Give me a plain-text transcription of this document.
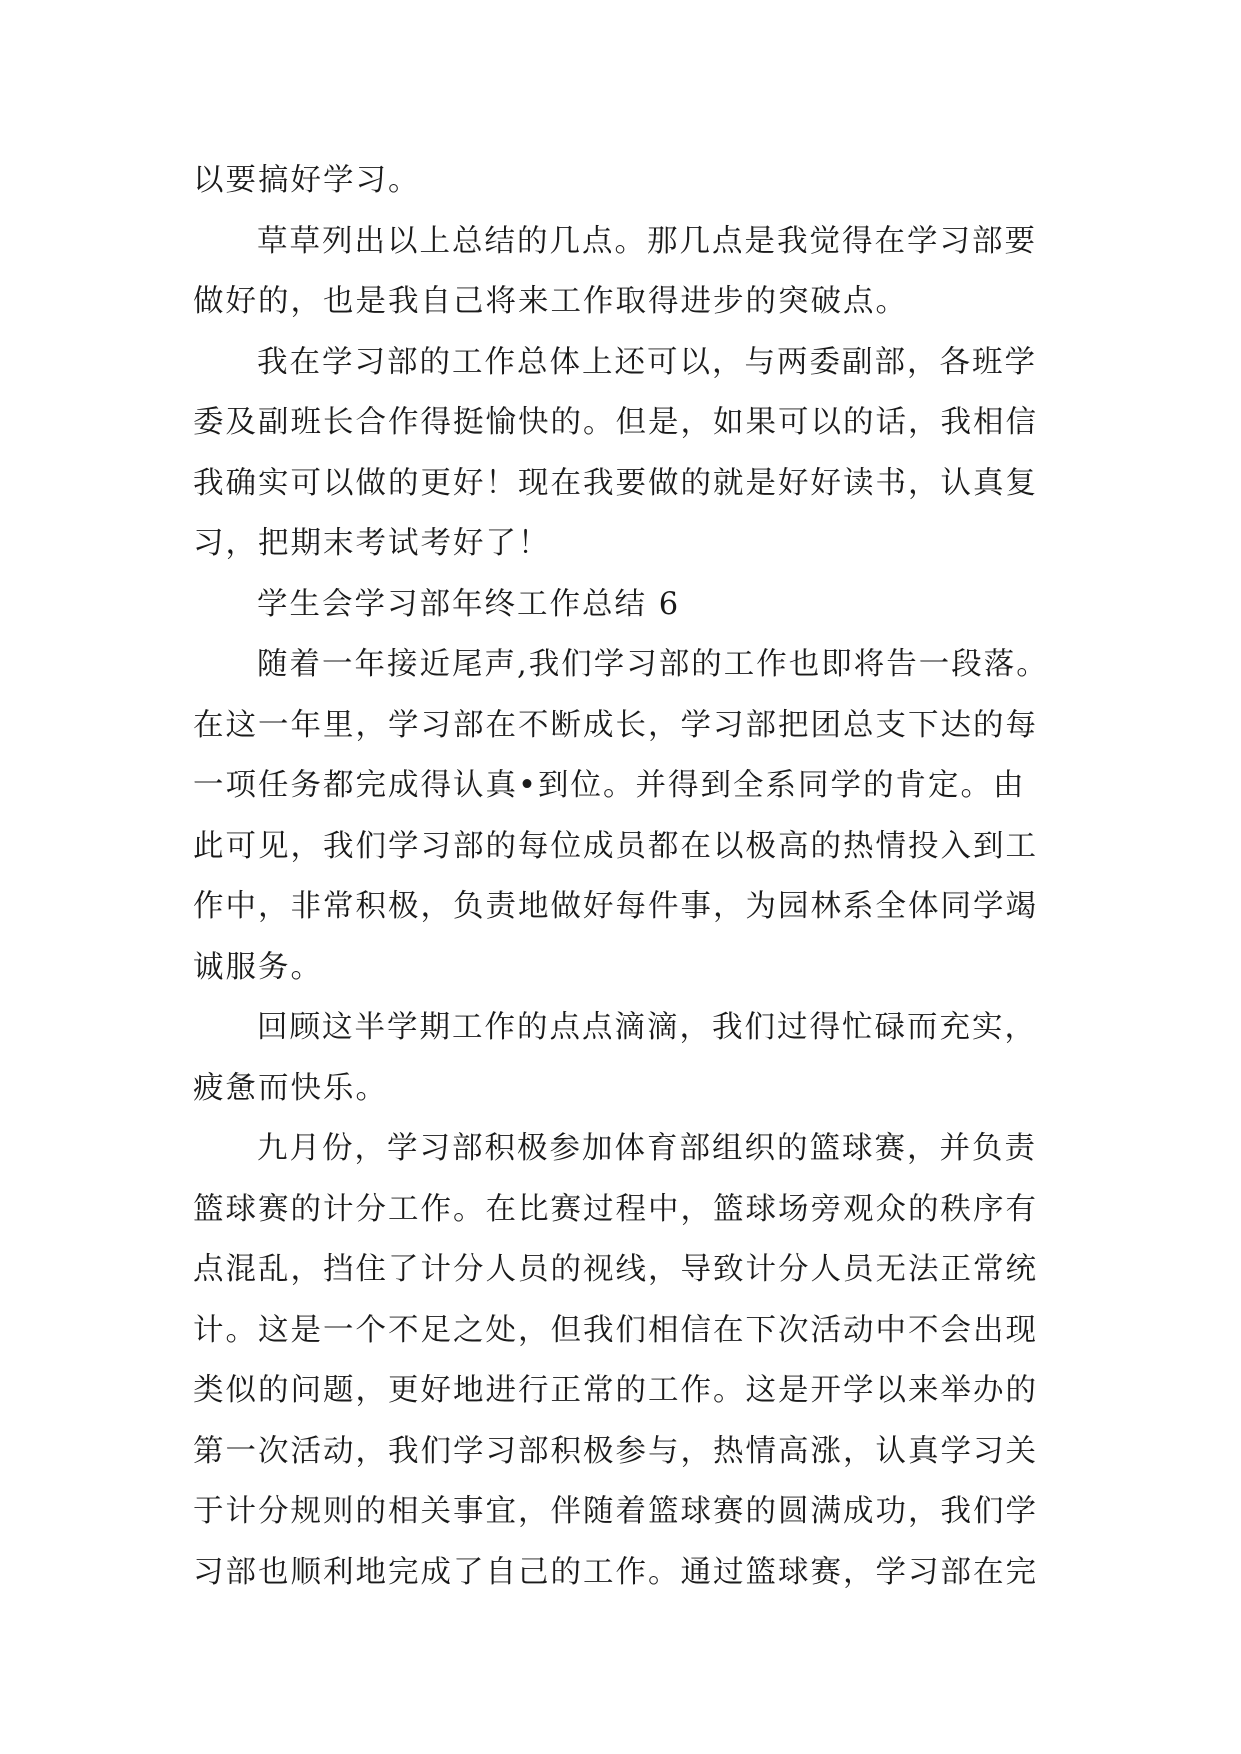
以要搞好学习。

草草列出以上总结的几点。那几点是我觉得在学习部要做好的，也是我自己将来工作取得进步的突破点。

我在学习部的工作总体上还可以，与两委副部，各班学委及副班长合作得挺愉快的。但是，如果可以的话，我相信我确实可以做的更好！现在我要做的就是好好读书，认真复习，把期末考试考好了！

学生会学习部年终工作总结 6

随着一年接近尾声,我们学习部的工作也即将告一段落。在这一年里，学习部在不断成长，学习部把团总支下达的每一项任务都完成得认真•到位。并得到全系同学的肯定。由此可见，我们学习部的每位成员都在以极高的热情投入到工作中，非常积极，负责地做好每件事，为园林系全体同学竭诚服务。

回顾这半学期工作的点点滴滴，我们过得忙碌而充实，疲惫而快乐。

九月份，学习部积极参加体育部组织的篮球赛，并负责篮球赛的计分工作。在比赛过程中，篮球场旁观众的秩序有点混乱，挡住了计分人员的视线，导致计分人员无法正常统计。这是一个不足之处，但我们相信在下次活动中不会出现类似的问题，更好地进行正常的工作。这是开学以来举办的第一次活动，我们学习部积极参与，热情高涨，认真学习关于计分规则的相关事宜，伴随着篮球赛的圆满成功，我们学习部也顺利地完成了自己的工作。通过篮球赛，学习部在完
